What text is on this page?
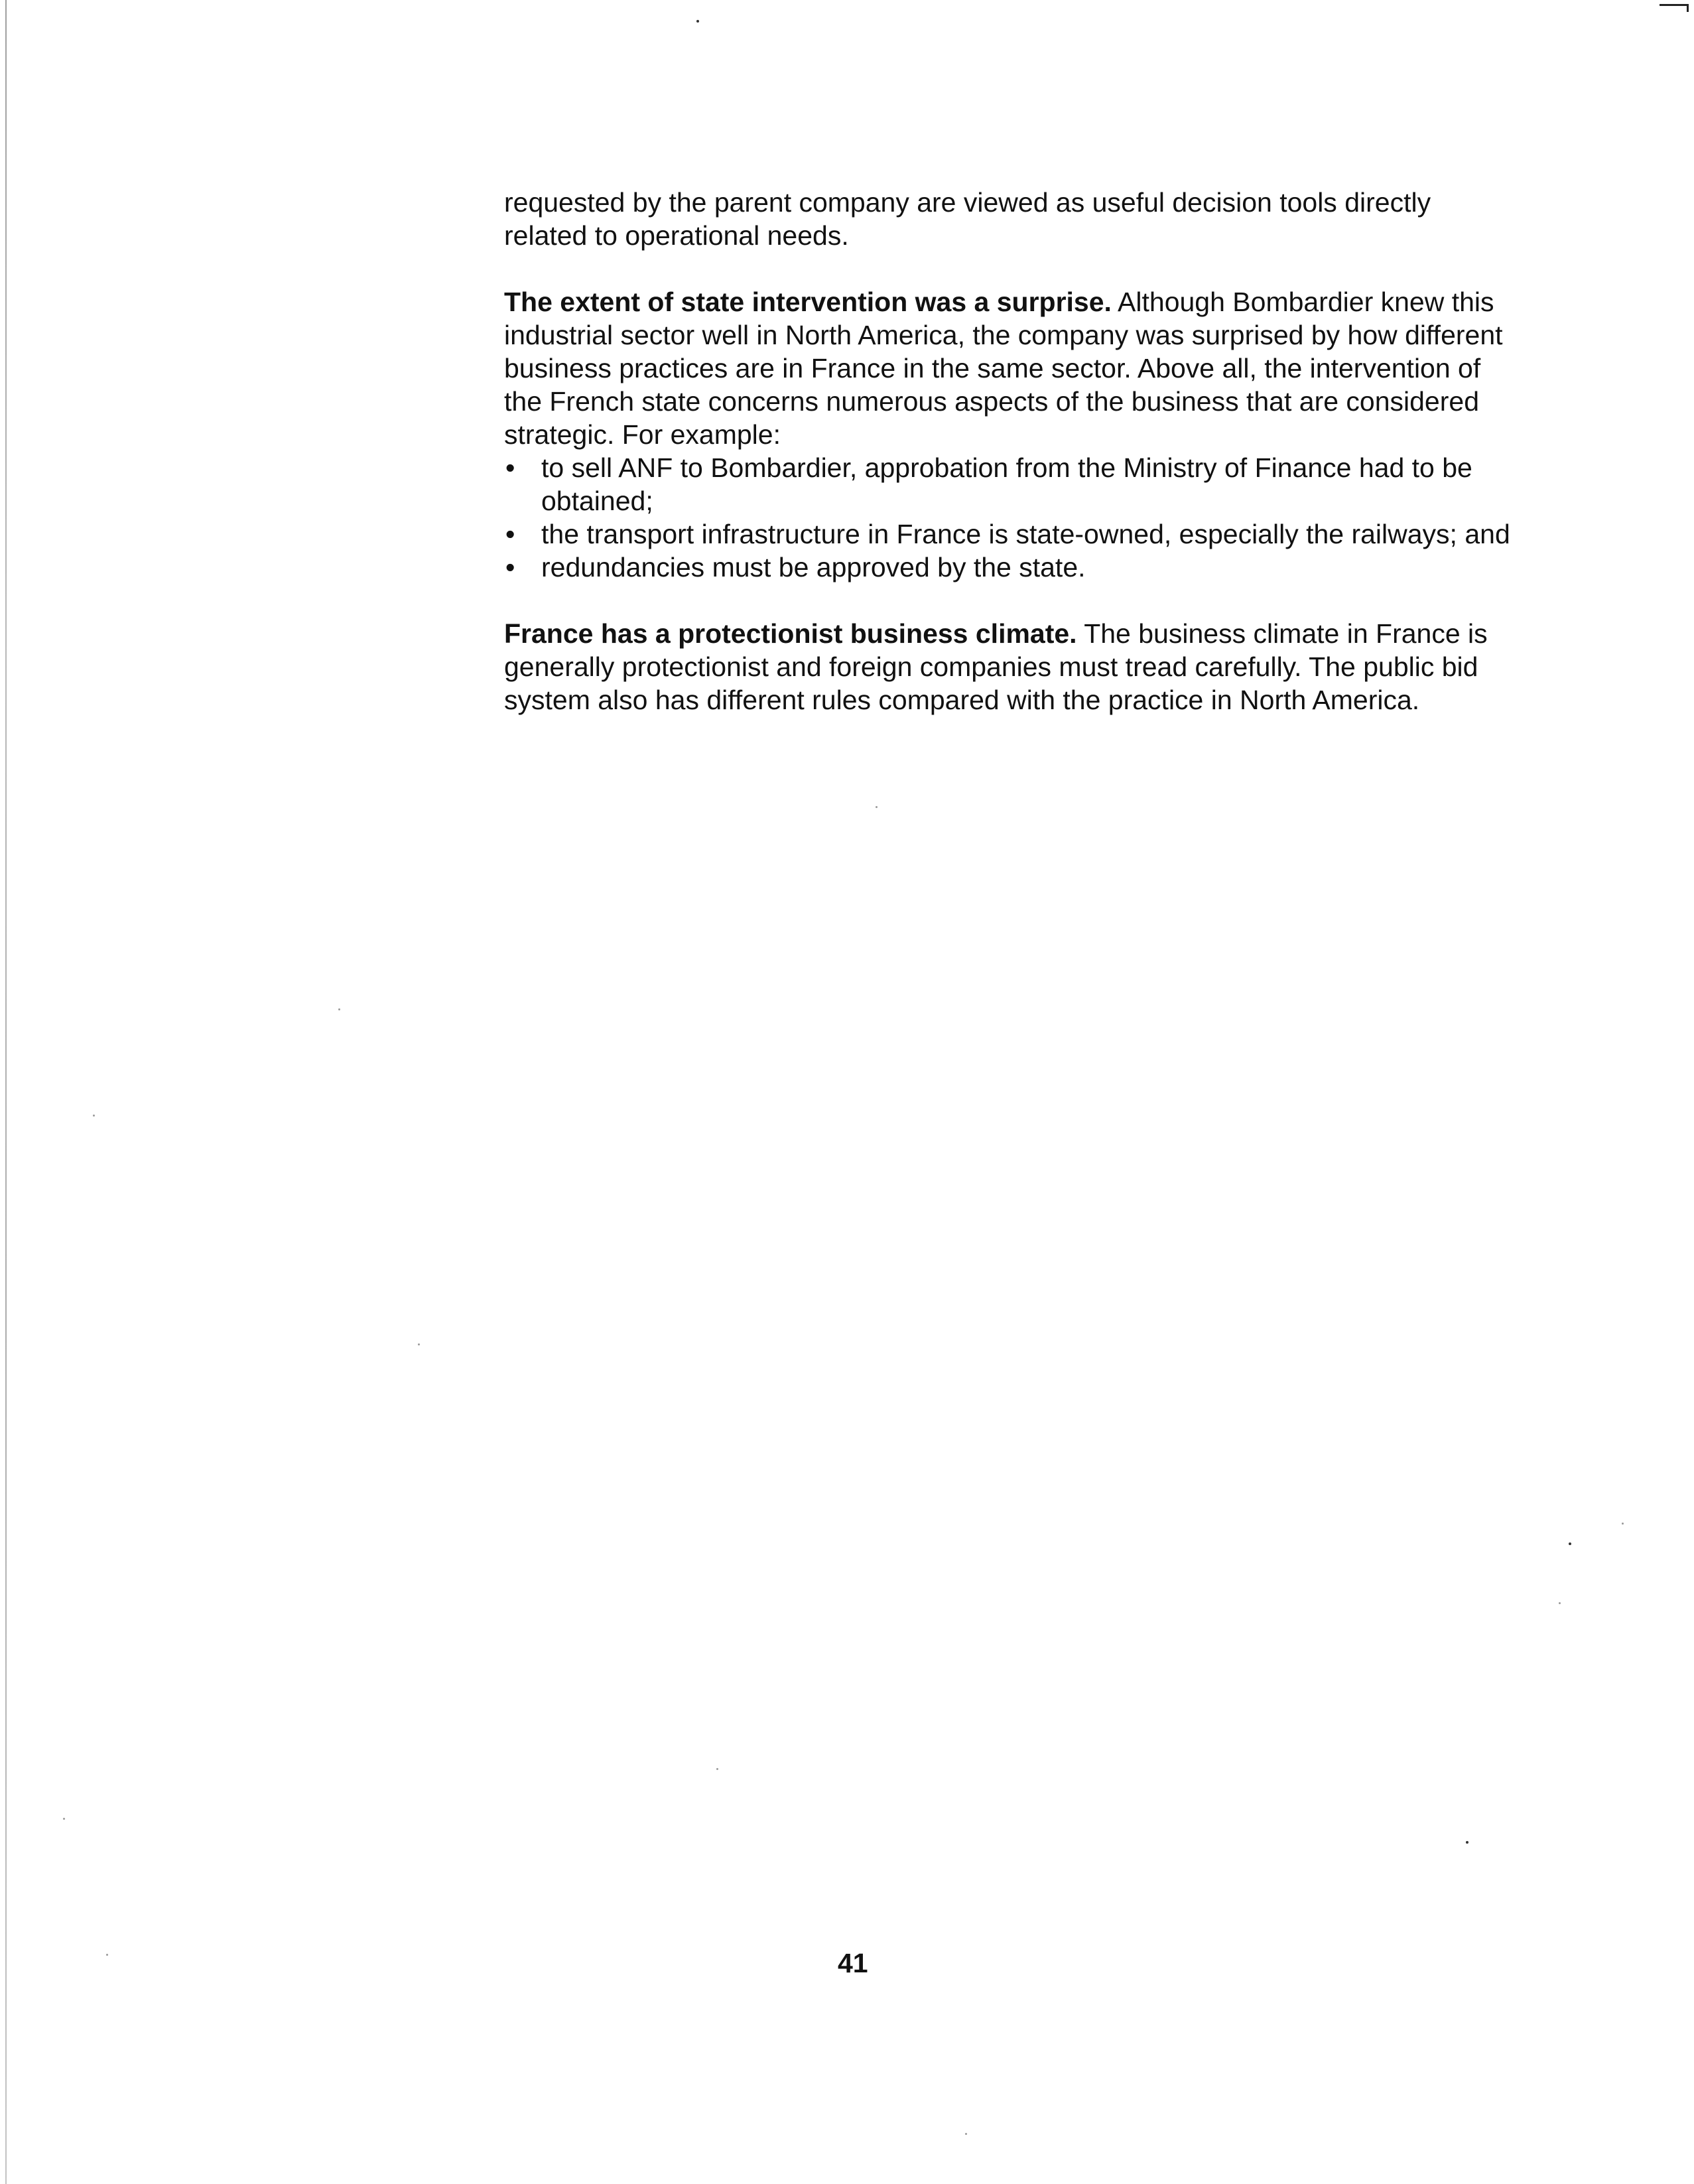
requested by the parent company are viewed as useful decision tools directly related to operational needs.

The extent of state intervention was a surprise. Although Bombardier knew this industrial sector well in North America, the company was surprised by how different business practices are in France in the same sector. Above all, the intervention of the French state concerns numerous aspects of the business that are considered strategic. For example:

• to sell ANF to Bombardier, approbation from the Ministry of Finance had to be obtained;
• the transport infrastructure in France is state-owned, especially the railways; and
• redundancies must be approved by the state.

France has a protectionist business climate. The business climate in France is generally protectionist and foreign companies must tread carefully. The public bid system also has different rules compared with the practice in North America.

41
